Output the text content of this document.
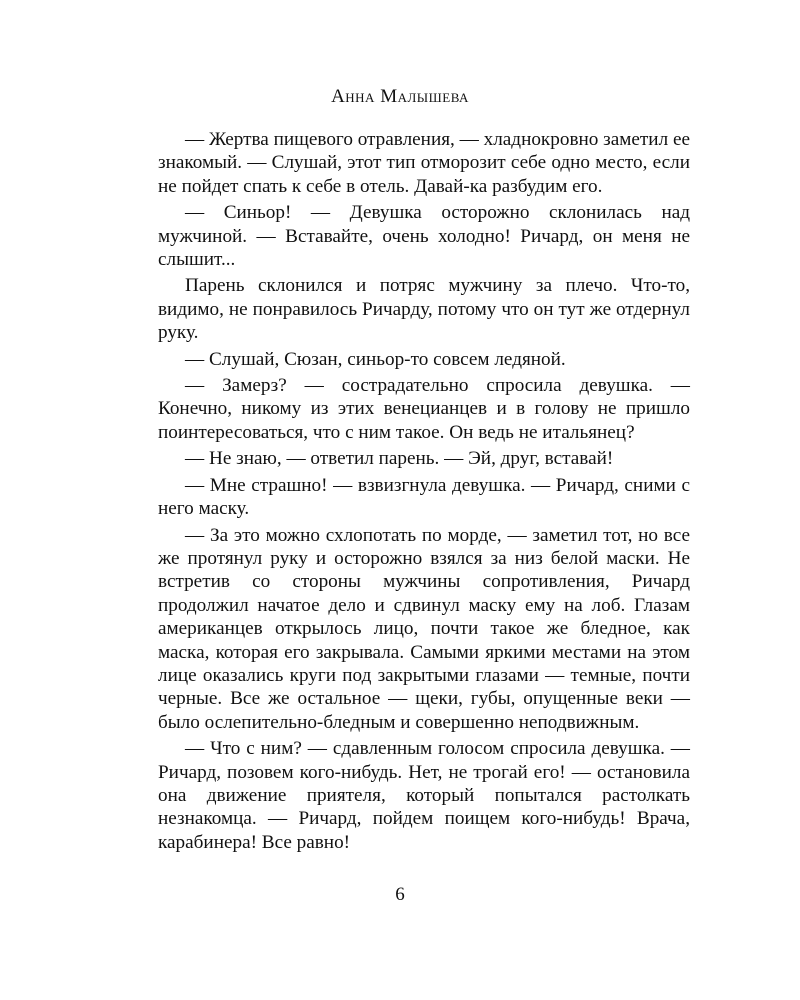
Анна Малышева

— Жертва пищевого отравления, — хладнокровно заметил ее знакомый. — Слушай, этот тип отморозит себе одно место, если не пойдет спать к себе в отель. Давай-ка разбудим его.

— Синьор! — Девушка осторожно склонилась над мужчиной. — Вставайте, очень холодно! Ричард, он меня не слышит...

Парень склонился и потряс мужчину за плечо. Что-то, видимо, не понравилось Ричарду, потому что он тут же отдернул руку.

— Слушай, Сюзан, синьор-то совсем ледяной.

— Замерз? — сострадательно спросила девушка. — Конечно, никому из этих венецианцев и в голову не пришло поинтересоваться, что с ним такое. Он ведь не итальянец?

— Не знаю, — ответил парень. — Эй, друг, вставай!

— Мне страшно! — взвизгнула девушка. — Ричард, сними с него маску.

— За это можно схлопотать по морде, — заметил тот, но все же протянул руку и осторожно взялся за низ белой маски. Не встретив со стороны мужчины сопротивления, Ричард продолжил начатое дело и сдвинул маску ему на лоб. Глазам американцев открылось лицо, почти такое же бледное, как маска, которая его закрывала. Самыми яркими местами на этом лице оказались круги под закрытыми глазами — темные, почти черные. Все же остальное — щеки, губы, опущенные веки — было ослепительно-бледным и совершенно неподвижным.

— Что с ним? — сдавленным голосом спросила девушка. — Ричард, позовем кого-нибудь. Нет, не трогай его! — остановила она движение приятеля, который попытался растолкать незнакомца. — Ричард, пойдем поищем кого-нибудь! Врача, карабинера! Все равно!

6
